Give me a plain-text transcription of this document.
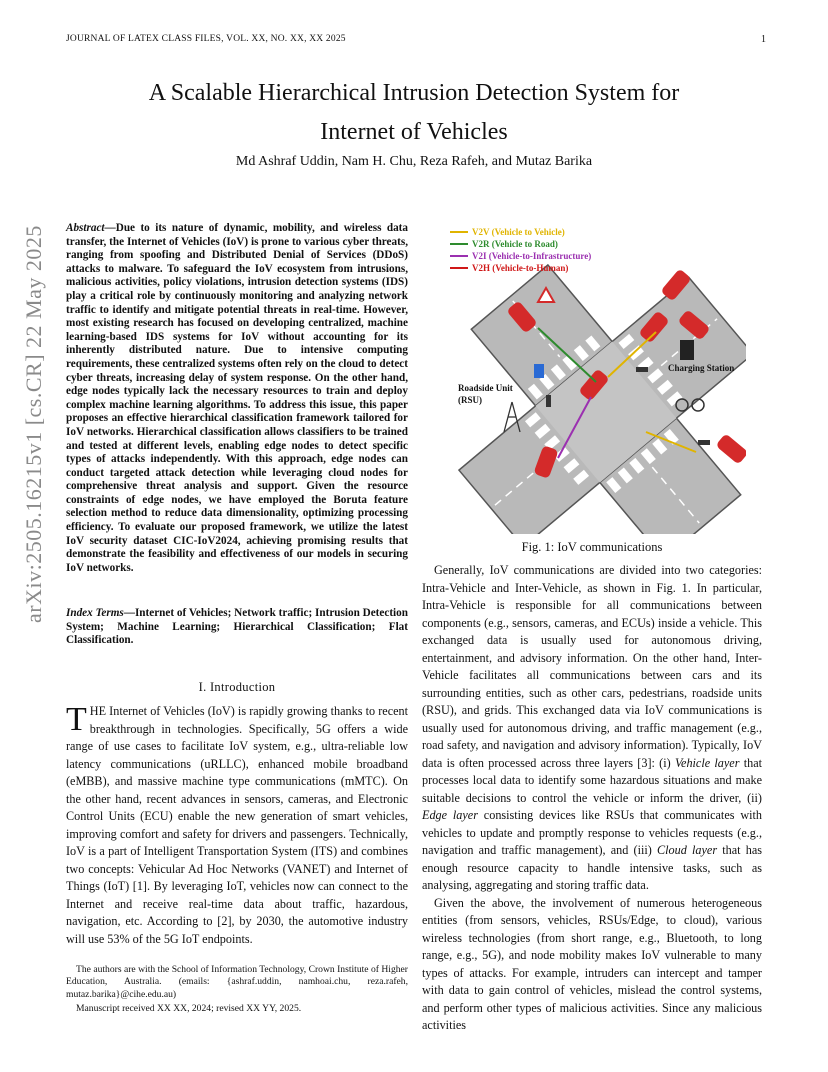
JOURNAL OF LATEX CLASS FILES, VOL. XX, NO. XX, XX 2025	1
arXiv:2505.16215v1 [cs.CR] 22 May 2025
A Scalable Hierarchical Intrusion Detection System for
Internet of Vehicles
Md Ashraf Uddin, Nam H. Chu, Reza Rafeh, and Mutaz Barika
Abstract—Due to its nature of dynamic, mobility, and wireless data transfer, the Internet of Vehicles (IoV) is prone to various cyber threats, ranging from spoofing and Distributed Denial of Services (DDoS) attacks to malware. To safeguard the IoV ecosystem from intrusions, malicious activities, policy violations, intrusion detection systems (IDS) play a critical role by continuously monitoring and analyzing network traffic to identify and mitigate potential threats in real-time. However, most existing research has focused on developing centralized, machine learning-based IDS systems for IoV without accounting for its inherently distributed nature. Due to intensive computing requirements, these centralized systems often rely on the cloud to detect cyber threats, increasing delay of system response. On the other hand, edge nodes typically lack the necessary resources to train and deploy complex machine learning algorithms. To address this issue, this paper proposes an effective hierarchical classification framework tailored for IoV networks. Hierarchical classification allows classifiers to be trained and tested at different levels, enabling edge nodes to detect specific types of attacks independently. With this approach, edge nodes can conduct targeted attack detection while leveraging cloud nodes for comprehensive threat analysis and support. Given the resource constraints of edge nodes, we have employed the Boruta feature selection method to reduce data dimensionality, optimizing processing efficiency. To evaluate our proposed framework, we utilize the latest IoV security dataset CIC-IoV2024, achieving promising results that demonstrate the feasibility and effectiveness of our models in securing IoV networks.
Index Terms—Internet of Vehicles; Network traffic; Intrusion Detection System; Machine Learning; Hierarchical Classification; Flat Classification.
I. Introduction
THE Internet of Vehicles (IoV) is rapidly growing thanks to recent breakthrough in technologies. Specifically, 5G offers a wide range of use cases to facilitate IoV system, e.g., ultra-reliable low latency communications (uRLLC), enhanced mobile broadband (eMBB), and massive machine type communications (mMTC). On the other hand, recent advances in sensors, cameras, and Electronic Control Units (ECU) enable the new generation of smart vehicles, improving comfort and safety for drivers and passengers. Technically, IoV is a part of Intelligent Transportation System (ITS) and combines two concepts: Vehicular Ad Hoc Networks (VANET) and Internet of Things (IoT) [1]. By leveraging IoT, vehicles now can connect to the Internet and receive real-time data about traffic, hazardous, navigation, etc. According to [2], by 2030, the automotive industry will use 53% of the 5G IoT endpoints.

The authors are with the School of Information Technology, Crown Institute of Higher Education, Australia. (emails: {ashraf.uddin, namhoai.chu, reza.rafeh, mutaz.barika}@cihe.edu.au)

Manuscript received XX XX, 2024; revised XX YY, 2025.

V2V (Vehicle to Vehicle)
V2R (Vehicle to Road)
V2I (Vehicle-to-Infrastructure)
V2H (Vehicle-to-Human)
Charging Station
Roadside Unit
(RSU)
Fig. 1: IoV communications

Generally, IoV communications are divided into two categories: Intra-Vehicle and Inter-Vehicle, as shown in Fig. 1. In particular, Intra-Vehicle is responsible for all communications between components (e.g., sensors, cameras, and ECUs) inside a vehicle. This exchanged data is usually used for autonomous driving, entertainment, and advisory information. On the other hand, Inter-Vehicle facilitates all communications between cars and its surrounding entities, such as other cars, pedestrians, roadside units (RSU), and grids. This exchanged data via IoV communications is usually used for autonomous driving, and traffic management (e.g., road safety, and navigation and advisory information). Typically, IoV data is often processed across three layers [3]: (i) Vehicle layer that processes local data to identify some hazardous situations and make suitable decisions to control the vehicle or inform the driver, (ii) Edge layer consisting devices like RSUs that communicates with vehicles to update and promptly response to vehicles requests (e.g., navigation and traffic management), and (iii) Cloud layer that has enough resource capacity to handle intensive tasks, such as analysing, aggregating and storing traffic data.

Given the above, the involvement of numerous heterogeneous entities (from sensors, vehicles, RSUs/Edge, to cloud), various wireless technologies (from short range, e.g., Bluetooth, to long range, e.g., 5G), and node mobility makes IoV vulnerable to many types of attacks. For example, intruders can intercept and tamper with data to gain control of vehicles, mislead the control systems, and perform other types of malicious activities. Since any malicious activities
